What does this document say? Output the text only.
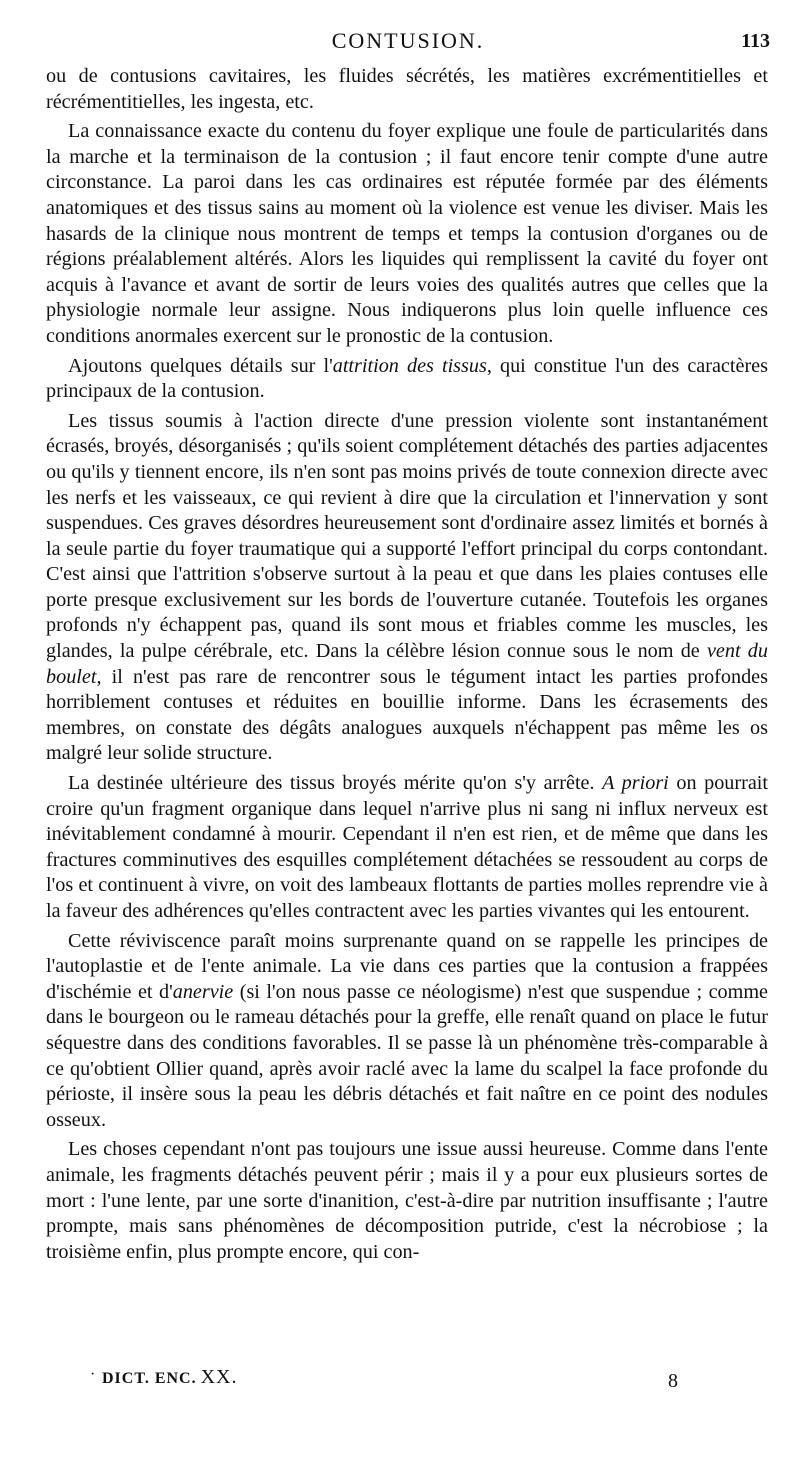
CONTUSION.	113

ou de contusions cavitaires, les fluides sécrétés, les matières excrémentitielles et récrémentitielles, les ingesta, etc.

La connaissance exacte du contenu du foyer explique une foule de particularités dans la marche et la terminaison de la contusion ; il faut encore tenir compte d'une autre circonstance. La paroi dans les cas ordinaires est réputée formée par des éléments anatomiques et des tissus sains au moment où la violence est venue les diviser. Mais les hasards de la clinique nous montrent de temps et temps la contusion d'organes ou de régions préalablement altérés. Alors les liquides qui remplissent la cavité du foyer ont acquis à l'avance et avant de sortir de leurs voies des qualités autres que celles que la physiologie normale leur assigne. Nous indiquerons plus loin quelle influence ces conditions anormales exercent sur le pronostic de la contusion.

Ajoutons quelques détails sur l'attrition des tissus, qui constitue l'un des caractères principaux de la contusion.

Les tissus soumis à l'action directe d'une pression violente sont instantanément écrasés, broyés, désorganisés ; qu'ils soient complétement détachés des parties adjacentes ou qu'ils y tiennent encore, ils n'en sont pas moins privés de toute connexion directe avec les nerfs et les vaisseaux, ce qui revient à dire que la circulation et l'innervation y sont suspendues. Ces graves désordres heureusement sont d'ordinaire assez limités et bornés à la seule partie du foyer traumatique qui a supporté l'effort principal du corps contondant. C'est ainsi que l'attrition s'observe surtout à la peau et que dans les plaies contuses elle porte presque exclusivement sur les bords de l'ouverture cutanée. Toutefois les organes profonds n'y échappent pas, quand ils sont mous et friables comme les muscles, les glandes, la pulpe cérébrale, etc. Dans la célèbre lésion connue sous le nom de vent du boulet, il n'est pas rare de rencontrer sous le tégument intact les parties profondes horriblement contuses et réduites en bouillie informe. Dans les écrasements des membres, on constate des dégâts analogues auxquels n'échappent pas même les os malgré leur solide structure.

La destinée ultérieure des tissus broyés mérite qu'on s'y arrête. A priori on pourrait croire qu'un fragment organique dans lequel n'arrive plus ni sang ni influx nerveux est inévitablement condamné à mourir. Cependant il n'en est rien, et de même que dans les fractures comminutives des esquilles complétement détachées se ressoudent au corps de l'os et continuent à vivre, on voit des lambeaux flottants de parties molles reprendre vie à la faveur des adhérences qu'elles contractent avec les parties vivantes qui les entourent.

Cette réviviscence paraît moins surprenante quand on se rappelle les principes de l'autoplastie et de l'ente animale. La vie dans ces parties que la contusion a frappées d'ischémie et d'anervie (si l'on nous passe ce néologisme) n'est que suspendue ; comme dans le bourgeon ou le rameau détachés pour la greffe, elle renaît quand on place le futur séquestre dans des conditions favorables. Il se passe là un phénomène très-comparable à ce qu'obtient Ollier quand, après avoir raclé avec la lame du scalpel la face profonde du périoste, il insère sous la peau les débris détachés et fait naître en ce point des nodules osseux.

Les choses cependant n'ont pas toujours une issue aussi heureuse. Comme dans l'ente animale, les fragments détachés peuvent périr ; mais il y a pour eux plusieurs sortes de mort : l'une lente, par une sorte d'inanition, c'est-à-dire par nutrition insuffisante ; l'autre prompte, mais sans phénomènes de décomposition putride, c'est la nécrobiose ; la troisième enfin, plus prompte encore, qui con-

· DICT. ENC. XX.	8
